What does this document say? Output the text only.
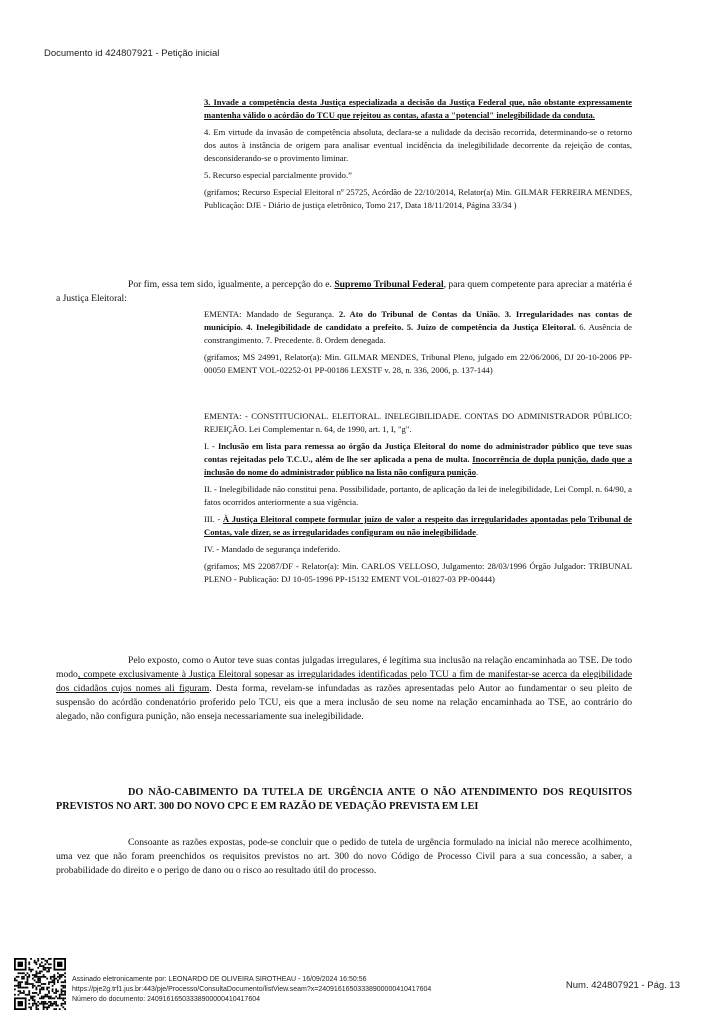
Documento id 424807921 - Petição inicial

3. Invade a competência desta Justiça especializada a decisão da Justiça Federal que, não obstante expressamente mantenha válido o acórdão do TCU que rejeitou as contas, afasta a "potencial" inelegibilidade da conduta.

4. Em virtude da invasão de competência absoluta, declara-se a nulidade da decisão recorrida, determinando-se o retorno dos autos à instância de origem para analisar eventual incidência da inelegibilidade decorrente da rejeição de contas, desconsiderando-se o provimento liminar.

5. Recurso especial parcialmente provido.”

(grifamos; Recurso Especial Eleitoral nº 25725, Acórdão de 22/10/2014, Relator(a) Min. GILMAR FERREIRA MENDES, Publicação: DJE - Diário de justiça eletrônico, Tomo 217, Data 18/11/2014, Página 33/34 )

Por fim, essa tem sido, igualmente, a percepção do e. Supremo Tribunal Federal, para quem competente para apreciar a matéria é a Justiça Eleitoral:

EMENTA: Mandado de Segurança. 2. Ato do Tribunal de Contas da União. 3. Irregularidades nas contas de município. 4. Inelegibilidade de candidato a prefeito. 5. Juízo de competência da Justiça Eleitoral. 6. Ausência de constrangimento. 7. Precedente. 8. Ordem denegada.

(grifamos; MS 24991, Relator(a): Min. GILMAR MENDES, Tribunal Pleno, julgado em 22/06/2006, DJ 20-10-2006 PP-00050 EMENT VOL-02252-01 PP-00186 LEXSTF v. 28, n. 336, 2006, p. 137-144)

EMENTA: - CONSTITUCIONAL. ELEITORAL. INELEGIBILIDADE. CONTAS DO ADMINISTRADOR PÚBLICO: REJEIÇÃO. Lei Complementar n. 64, de 1990, art. 1, I, "g".

I. - Inclusão em lista para remessa ao órgão da Justiça Eleitoral do nome do administrador público que teve suas contas rejeitadas pelo T.C.U., além de lhe ser aplicada a pena de multa. Inocorrência de dupla punição, dado que a inclusão do nome do administrador público na lista não configura punição.

II. - Inelegibilidade não constitui pena. Possibilidade, portanto, de aplicação da lei de inelegibilidade, Lei Compl. n. 64/90, a fatos ocorridos anteriormente a sua vigência.

III. - À Justiça Eleitoral compete formular juízo de valor a respeito das irregularidades apontadas pelo Tribunal de Contas, vale dizer, se as irregularidades configuram ou não inelegibilidade.

IV. - Mandado de segurança indeferido.

(grifamos; MS 22087/DF - Relator(a): Min. CARLOS VELLOSO, Julgamento: 28/03/1996 Órgão Julgador: TRIBUNAL PLENO - Publicação: DJ 10-05-1996 PP-15132 EMENT VOL-01827-03 PP-00444)

Pelo exposto, como o Autor teve suas contas julgadas irregulares, é legítima sua inclusão na relação encaminhada ao TSE. De todo modo, compete exclusivamente à Justiça Eleitoral sopesar as irregularidades identificadas pelo TCU a fim de manifestar-se acerca da elegibilidade dos cidadãos cujos nomes ali figuram. Desta forma, revelam-se infundadas as razões apresentadas pelo Autor ao fundamentar o seu pleito de suspensão do acórdão condenatório proferido pelo TCU, eis que a mera inclusão de seu nome na relação encaminhada ao TSE, ao contrário do alegado, não configura punição, não enseja necessariamente sua inelegibilidade.

DO NÃO-CABIMENTO DA TUTELA DE URGÊNCIA ANTE O NÃO ATENDIMENTO DOS REQUISITOS PREVISTOS NO ART. 300 DO NOVO CPC E EM RAZÃO DE VEDAÇÃO PREVISTA EM LEI

Consoante as razões expostas, pode-se concluir que o pedido de tutela de urgência formulado na inicial não merece acolhimento, uma vez que não foram preenchidos os requisitos previstos no art. 300 do novo Código de Processo Civil para a sua concessão, a saber, a probabilidade do direito e o perigo de dano ou o risco ao resultado útil do processo.

Assinado eletronicamente por: LEONARDO DE OLIVEIRA SIROTHEAU - 16/09/2024 16:50:56
https://pje2g.trf1.jus.br:443/pje/Processo/ConsultaDocumento/listView.seam?x=24091616503338900000410417604
Número do documento: 24091616503338900000410417604
Num. 424807921 - Pág. 13
